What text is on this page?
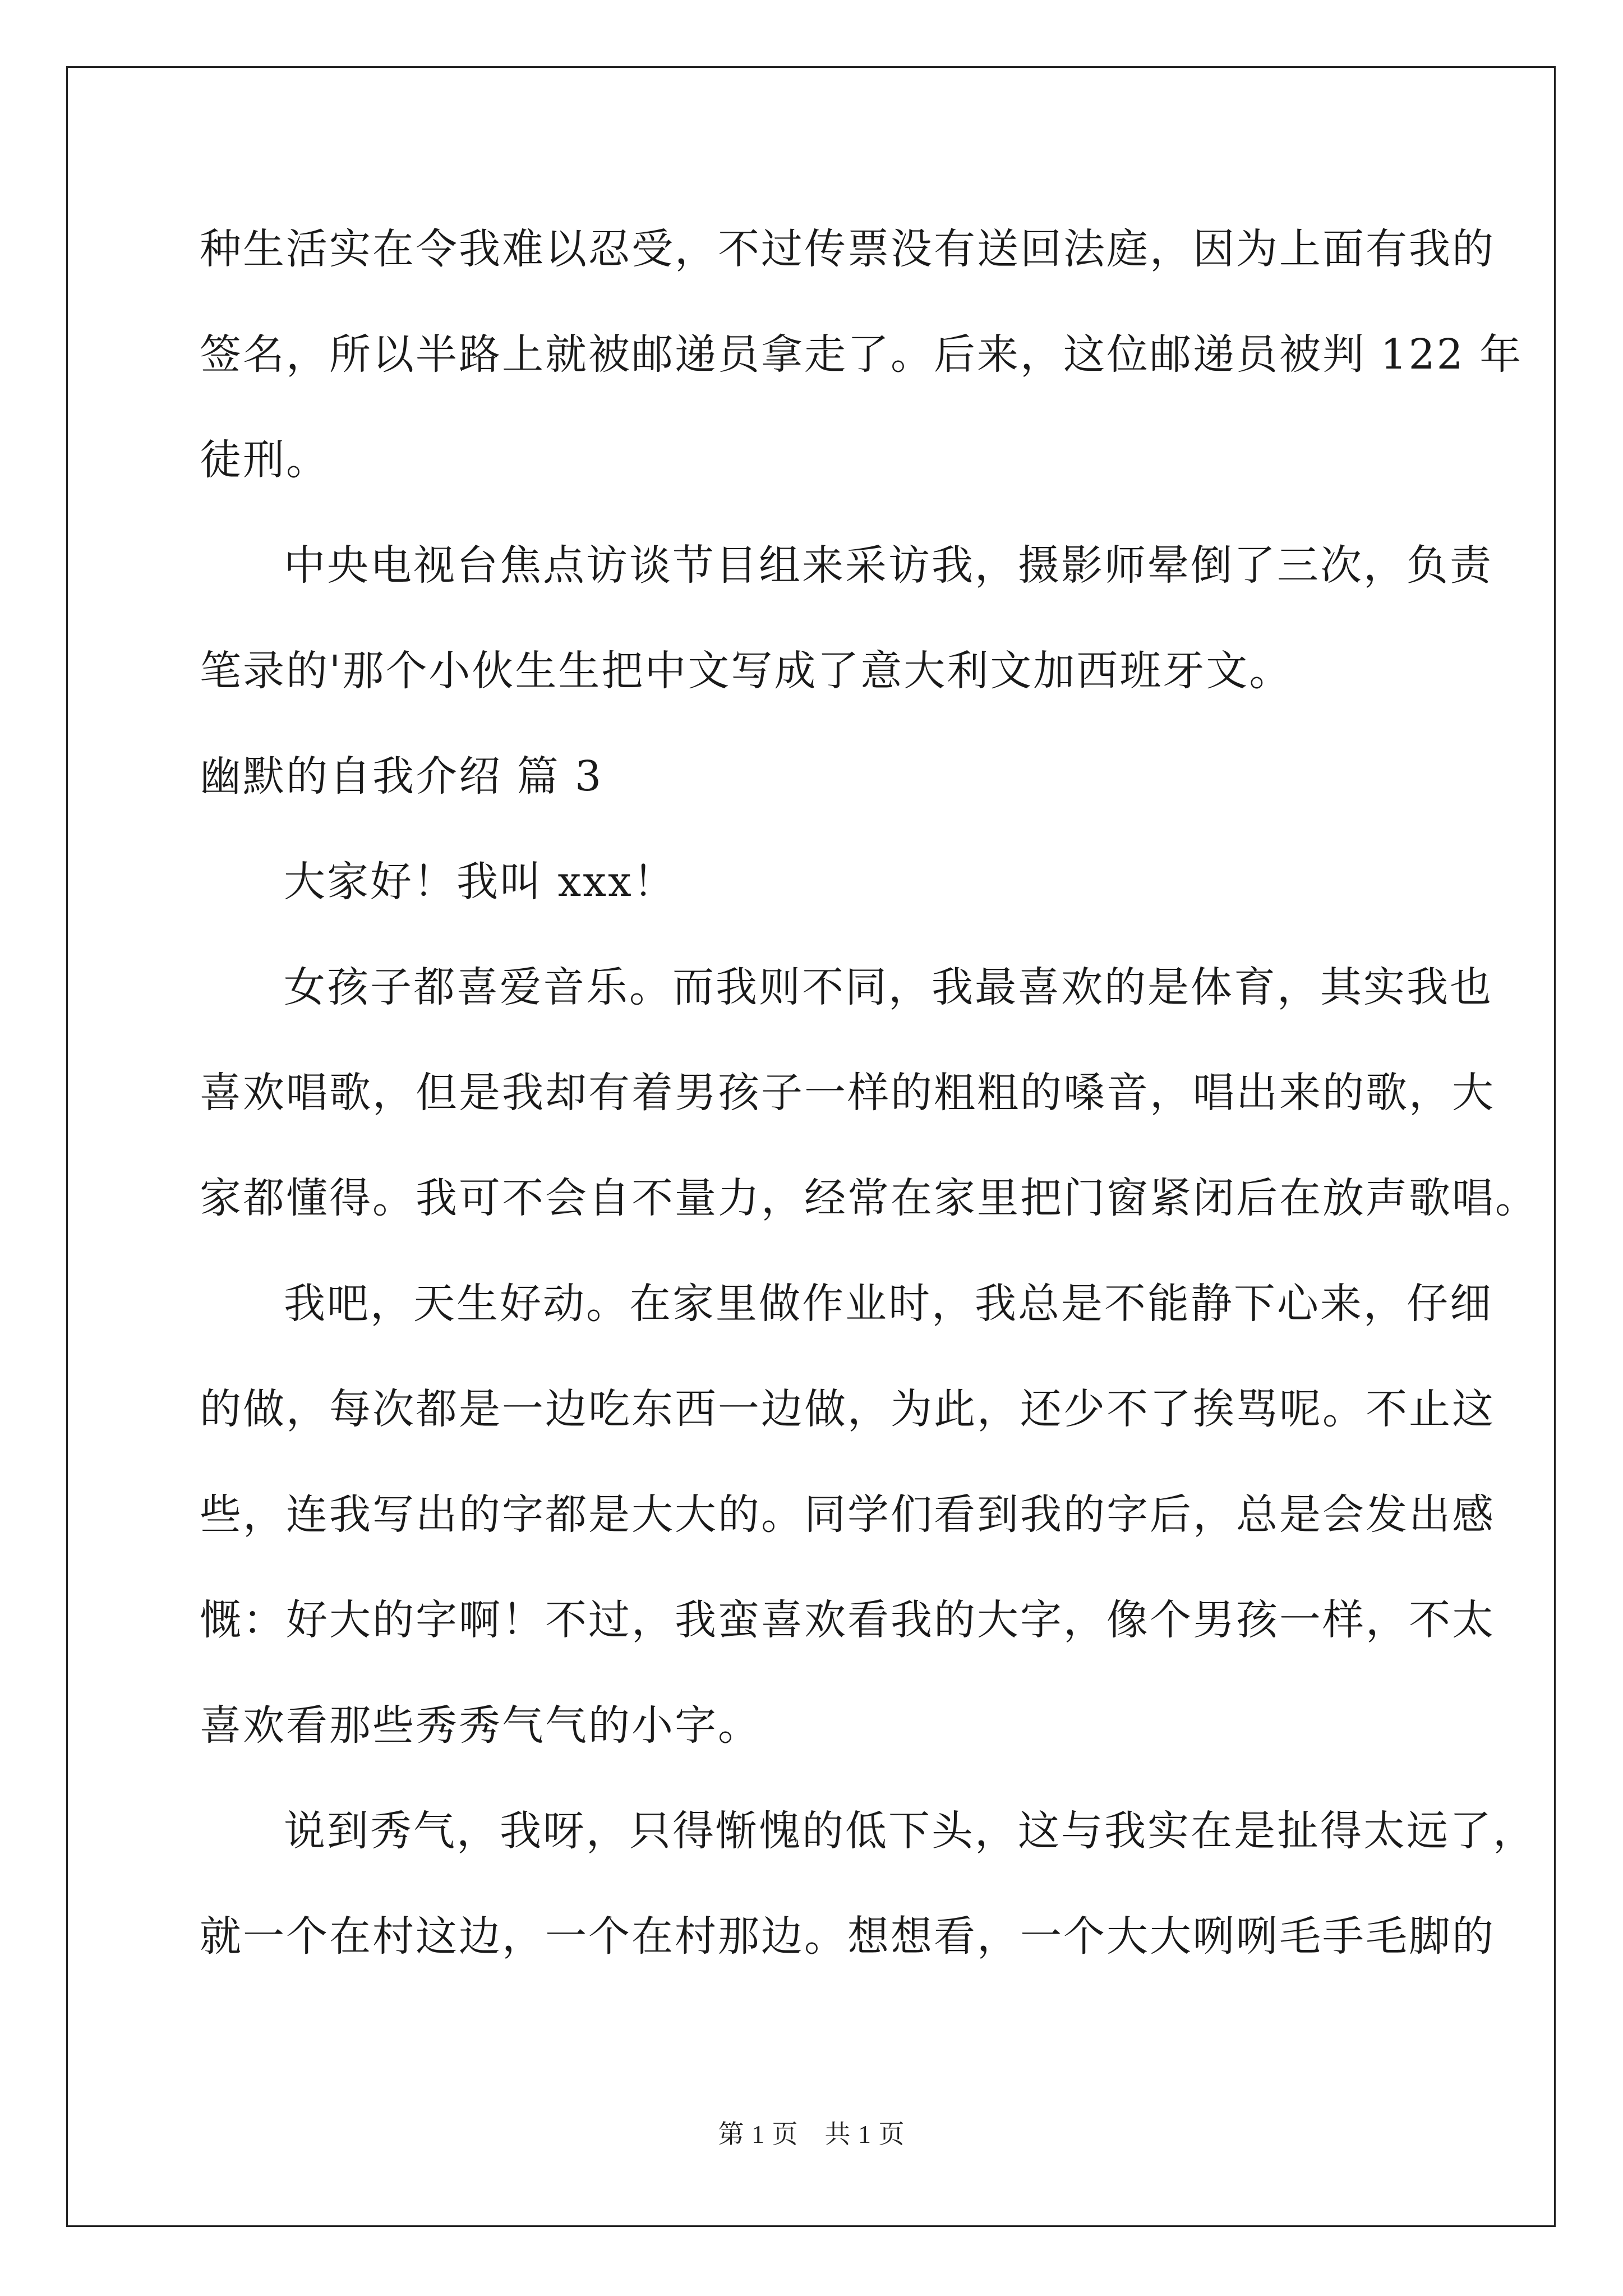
种生活实在令我难以忍受，不过传票没有送回法庭，因为上面有我的
签名，所以半路上就被邮递员拿走了。后来，这位邮递员被判 122 年
徒刑。
中央电视台焦点访谈节目组来采访我，摄影师晕倒了三次，负责
笔录的'那个小伙生生把中文写成了意大利文加西班牙文。
幽默的自我介绍 篇 3
大家好！我叫 xxx！
女孩子都喜爱音乐。而我则不同，我最喜欢的是体育，其实我也
喜欢唱歌，但是我却有着男孩子一样的粗粗的嗓音，唱出来的歌，大
家都懂得。我可不会自不量力，经常在家里把门窗紧闭后在放声歌唱。
我吧，天生好动。在家里做作业时，我总是不能静下心来，仔细
的做，每次都是一边吃东西一边做，为此，还少不了挨骂呢。不止这
些，连我写出的字都是大大的。同学们看到我的字后，总是会发出感
慨：好大的字啊！不过，我蛮喜欢看我的大字，像个男孩一样，不太
喜欢看那些秀秀气气的小字。
说到秀气，我呀，只得惭愧的低下头，这与我实在是扯得太远了，
就一个在村这边，一个在村那边。想想看，一个大大咧咧毛手毛脚的
第 1 页　共 1 页
